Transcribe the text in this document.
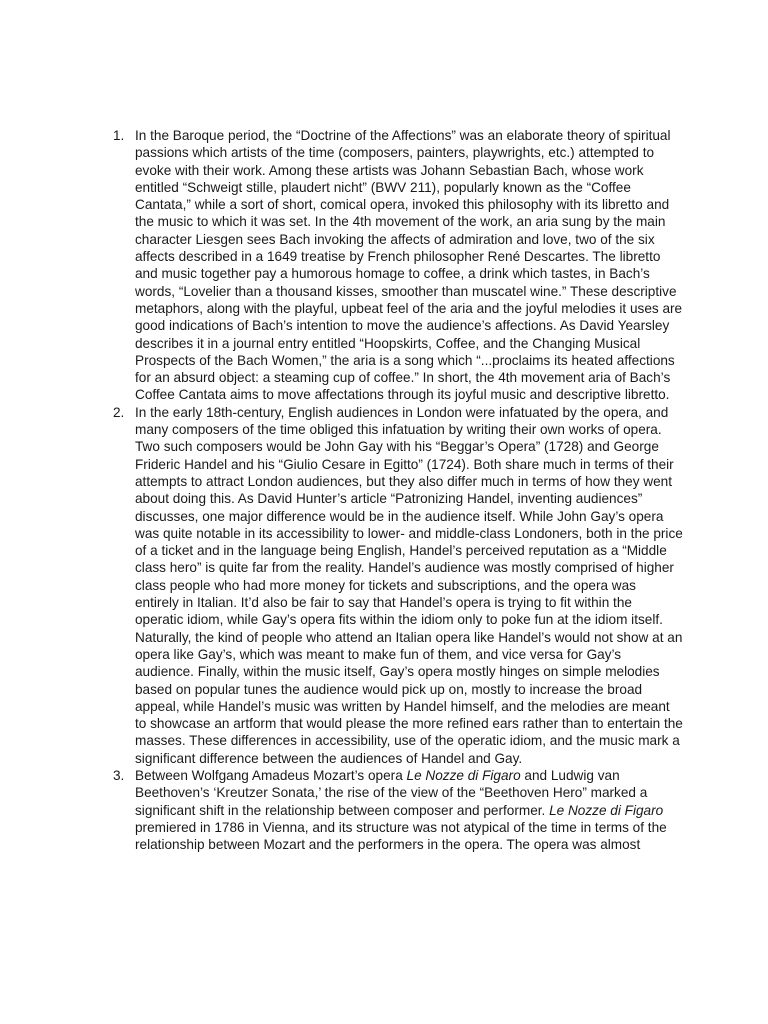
1. In the Baroque period, the “Doctrine of the Affections” was an elaborate theory of spiritual passions which artists of the time (composers, painters, playwrights, etc.) attempted to evoke with their work. Among these artists was Johann Sebastian Bach, whose work entitled “Schweigt stille, plaudert nicht” (BWV 211), popularly known as the “Coffee Cantata,” while a sort of short, comical opera, invoked this philosophy with its libretto and the music to which it was set. In the 4th movement of the work, an aria sung by the main character Liesgen sees Bach invoking the affects of admiration and love, two of the six affects described in a 1649 treatise by French philosopher René Descartes. The libretto and music together pay a humorous homage to coffee, a drink which tastes, in Bach’s words, “Lovelier than a thousand kisses, smoother than muscatel wine.” These descriptive metaphors, along with the playful, upbeat feel of the aria and the joyful melodies it uses are good indications of Bach’s intention to move the audience’s affections. As David Yearsley describes it in a journal entry entitled “Hoopskirts, Coffee, and the Changing Musical Prospects of the Bach Women,” the aria is a song which “...proclaims its heated affections for an absurd object: a steaming cup of coffee.” In short, the 4th movement aria of Bach’s Coffee Cantata aims to move affectations through its joyful music and descriptive libretto.
2. In the early 18th-century, English audiences in London were infatuated by the opera, and many composers of the time obliged this infatuation by writing their own works of opera. Two such composers would be John Gay with his “Beggar’s Opera” (1728) and George Frideric Handel and his “Giulio Cesare in Egitto” (1724). Both share much in terms of their attempts to attract London audiences, but they also differ much in terms of how they went about doing this. As David Hunter’s article “Patronizing Handel, inventing audiences” discusses, one major difference would be in the audience itself. While John Gay’s opera was quite notable in its accessibility to lower- and middle-class Londoners, both in the price of a ticket and in the language being English, Handel’s perceived reputation as a “Middle class hero” is quite far from the reality. Handel’s audience was mostly comprised of higher class people who had more money for tickets and subscriptions, and the opera was entirely in Italian. It’d also be fair to say that Handel’s opera is trying to fit within the operatic idiom, while Gay’s opera fits within the idiom only to poke fun at the idiom itself. Naturally, the kind of people who attend an Italian opera like Handel’s would not show at an opera like Gay’s, which was meant to make fun of them, and vice versa for Gay’s audience. Finally, within the music itself, Gay’s opera mostly hinges on simple melodies based on popular tunes the audience would pick up on, mostly to increase the broad appeal, while Handel’s music was written by Handel himself, and the melodies are meant to showcase an artform that would please the more refined ears rather than to entertain the masses. These differences in accessibility, use of the operatic idiom, and the music mark a significant difference between the audiences of Handel and Gay.
3. Between Wolfgang Amadeus Mozart’s opera Le Nozze di Figaro and Ludwig van Beethoven’s ‘Kreutzer Sonata,’ the rise of the view of the “Beethoven Hero” marked a significant shift in the relationship between composer and performer. Le Nozze di Figaro premiered in 1786 in Vienna, and its structure was not atypical of the time in terms of the relationship between Mozart and the performers in the opera. The opera was almost
